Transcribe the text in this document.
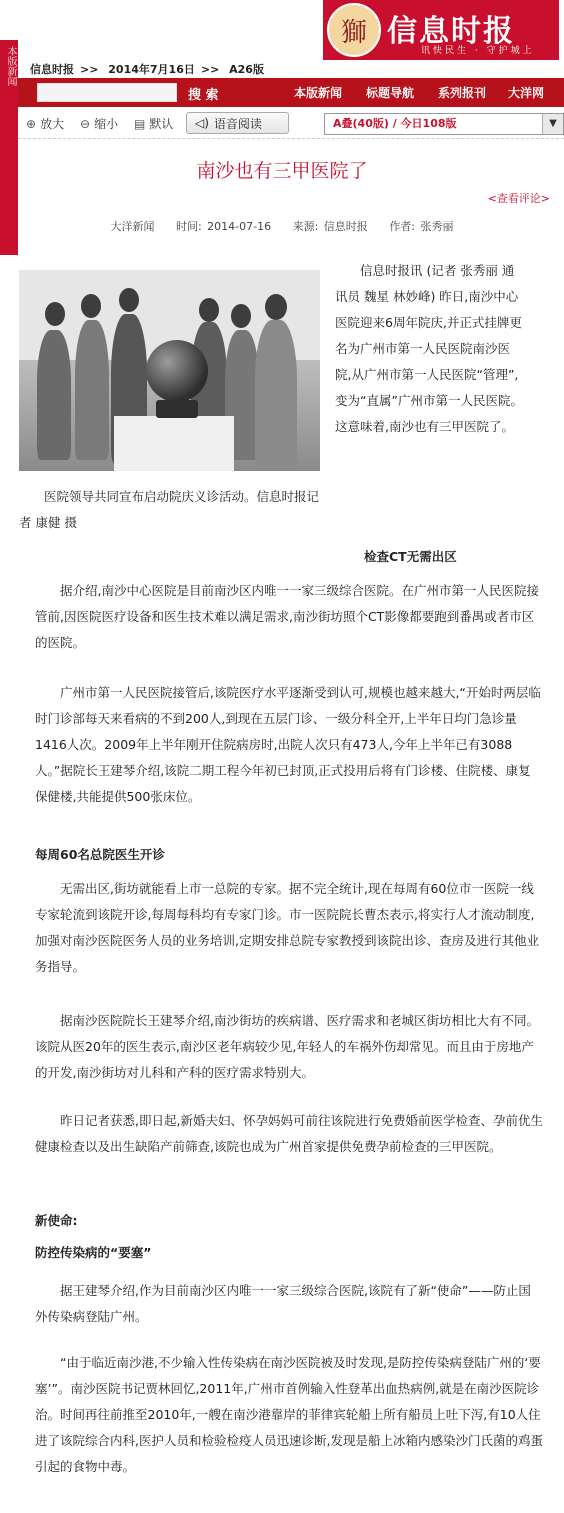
本版新闻
獅 信息时报
讯快民生 · 守护城上
信息时报 >> 2014年7月16日 >> A26版
搜 索	本版新闻 标题导航 系列报刊 大洋网
⊕ 放大 ⊖ 缩小 ▤ 默认 ◁) 语音阅读	A叠(40版) / 今日108版	▼
南沙也有三甲医院了
<查看评论>
大洋新闻 时间: 2014-07-16 来源: 信息时报 作者: 张秀丽
医院领导共同宣布启动院庆义诊活动。信息时报记者 康健 摄

信息时报讯 (记者 张秀丽 通讯员 魏星 林妙峰) 昨日,南沙中心医院迎来6周年院庆,并正式挂牌更名为广州市第一人民医院南沙医院,从广州市第一人民医院“管理”,变为“直属”广州市第一人民医院。这意味着,南沙也有三甲医院了。

检查CT无需出区

据介绍,南沙中心医院是目前南沙区内唯一一家三级综合医院。在广州市第一人民医院接管前,因医院医疗设备和医生技术难以满足需求,南沙街坊照个CT影像都要跑到番禺或者市区的医院。

广州市第一人民医院接管后,该院医疗水平逐渐受到认可,规模也越来越大,“开始时两层临时门诊部每天来看病的不到200人,到现在五层门诊、一级分科全开,上半年日均门急诊量1416人次。2009年上半年刚开住院病房时,出院人次只有473人,今年上半年已有3088人。”据院长王建琴介绍,该院二期工程今年初已封顶,正式投用后将有门诊楼、住院楼、康复保健楼,共能提供500张床位。

每周60名总院医生开诊

无需出区,街坊就能看上市一总院的专家。据不完全统计,现在每周有60位市一医院一线专家轮流到该院开诊,每周每科均有专家门诊。市一医院院长曹杰表示,将实行人才流动制度,加强对南沙医院医务人员的业务培训,定期安排总院专家教授到该院出诊、查房及进行其他业务指导。

据南沙医院院长王建琴介绍,南沙街坊的疾病谱、医疗需求和老城区街坊相比大有不同。该院从医20年的医生表示,南沙区老年病较少见,年轻人的车祸外伤却常见。而且由于房地产的开发,南沙街坊对儿科和产科的医疗需求特别大。

昨日记者获悉,即日起,新婚夫妇、怀孕妈妈可前往该院进行免费婚前医学检查、孕前优生健康检查以及出生缺陷产前筛查,该院也成为广州首家提供免费孕前检查的三甲医院。

新使命:
防控传染病的“要塞”

据王建琴介绍,作为目前南沙区内唯一一家三级综合医院,该院有了新“使命”——防止国外传染病登陆广州。

“由于临近南沙港,不少输入性传染病在南沙医院被及时发现,是防控传染病登陆广州的‘要塞’”。南沙医院书记贾林回忆,2011年,广州市首例输入性登革出血热病例,就是在南沙医院诊治。时间再往前推至2010年,一艘在南沙港靠岸的菲律宾轮船上所有船员上吐下泻,有10人住进了该院综合内科,医护人员和检验检疫人员迅速诊断,发现是船上冰箱内感染沙门氏菌的鸡蛋引起的食物中毒。
